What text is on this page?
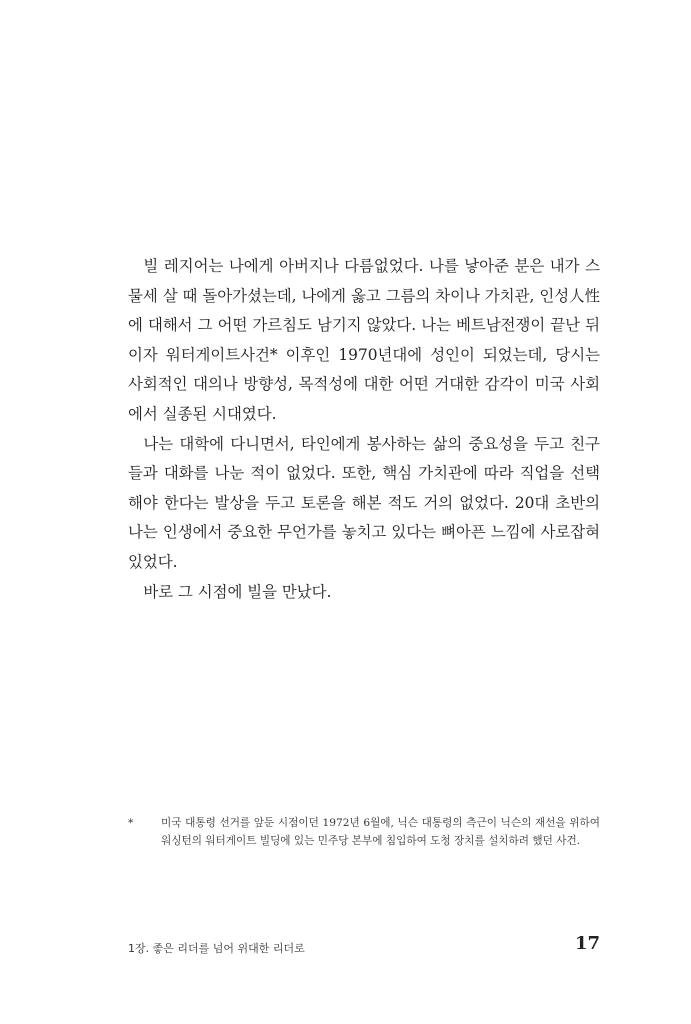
빌 레지어는 나에게 아버지나 다름없었다. 나를 낳아준 분은 내가 스물세 살 때 돌아가셨는데, 나에게 옳고 그름의 차이나 가치관, 인성人性에 대해서 그 어떤 가르침도 남기지 않았다. 나는 베트남전쟁이 끝난 뒤이자 워터게이트사건* 이후인 1970년대에 성인이 되었는데, 당시는 사회적인 대의나 방향성, 목적성에 대한 어떤 거대한 감각이 미국 사회에서 실종된 시대였다.

나는 대학에 다니면서, 타인에게 봉사하는 삶의 중요성을 두고 친구들과 대화를 나눈 적이 없었다. 또한, 핵심 가치관에 따라 직업을 선택해야 한다는 발상을 두고 토론을 해본 적도 거의 없었다. 20대 초반의 나는 인생에서 중요한 무언가를 놓치고 있다는 뼈아픈 느낌에 사로잡혀 있었다.

바로 그 시점에 빌을 만났다.

*	미국 대통령 선거를 앞둔 시점이던 1972년 6월에, 닉슨 대통령의 측근이 닉슨의 재선을 위하여 워싱턴의 워터게이트 빌딩에 있는 민주당 본부에 침입하여 도청 장치를 설치하려 했던 사건.
1장. 좋은 리더를 넘어 위대한 리더로	17
